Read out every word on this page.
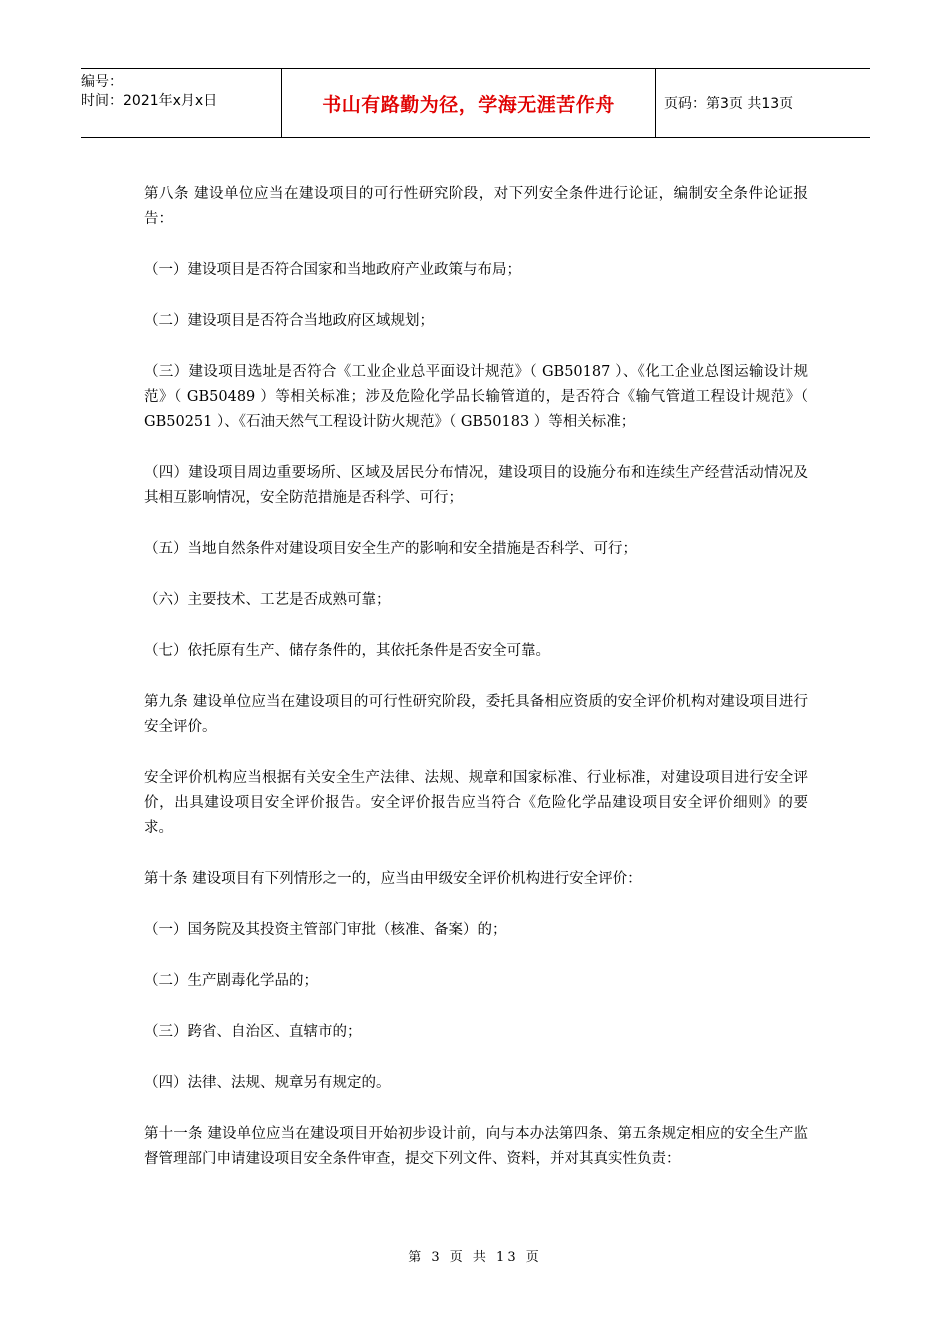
编号：
时间：2021年x月x日	书山有路勤为径，学海无涯苦作舟	页码：第3页 共13页

第八条 建设单位应当在建设项目的可行性研究阶段，对下列安全条件进行论证，编制安全条件论证报告：

（一）建设项目是否符合国家和当地政府产业政策与布局；

（二）建设项目是否符合当地政府区域规划；

（三）建设项目选址是否符合《工业企业总平面设计规范》（ GB50187 ）、《化工企业总图运输设计规范》（ GB50489 ）等相关标准；涉及危险化学品长输管道的，是否符合《输气管道工程设计规范》（ GB50251 ）、《石油天然气工程设计防火规范》（ GB50183 ）等相关标准；

（四）建设项目周边重要场所、区域及居民分布情况，建设项目的设施分布和连续生产经营活动情况及其相互影响情况，安全防范措施是否科学、可行；

（五）当地自然条件对建设项目安全生产的影响和安全措施是否科学、可行；

（六）主要技术、工艺是否成熟可靠；

（七）依托原有生产、储存条件的，其依托条件是否安全可靠。

第九条 建设单位应当在建设项目的可行性研究阶段，委托具备相应资质的安全评价机构对建设项目进行安全评价。

安全评价机构应当根据有关安全生产法律、法规、规章和国家标准、行业标准，对建设项目进行安全评价，出具建设项目安全评价报告。安全评价报告应当符合《危险化学品建设项目安全评价细则》的要求。

第十条 建设项目有下列情形之一的，应当由甲级安全评价机构进行安全评价：

（一）国务院及其投资主管部门审批（核准、备案）的；

（二）生产剧毒化学品的；

（三）跨省、自治区、直辖市的；

（四）法律、法规、规章另有规定的。

第十一条 建设单位应当在建设项目开始初步设计前，向与本办法第四条、第五条规定相应的安全生产监督管理部门申请建设项目安全条件审查，提交下列文件、资料，并对其真实性负责：

第 3 页 共 13 页
